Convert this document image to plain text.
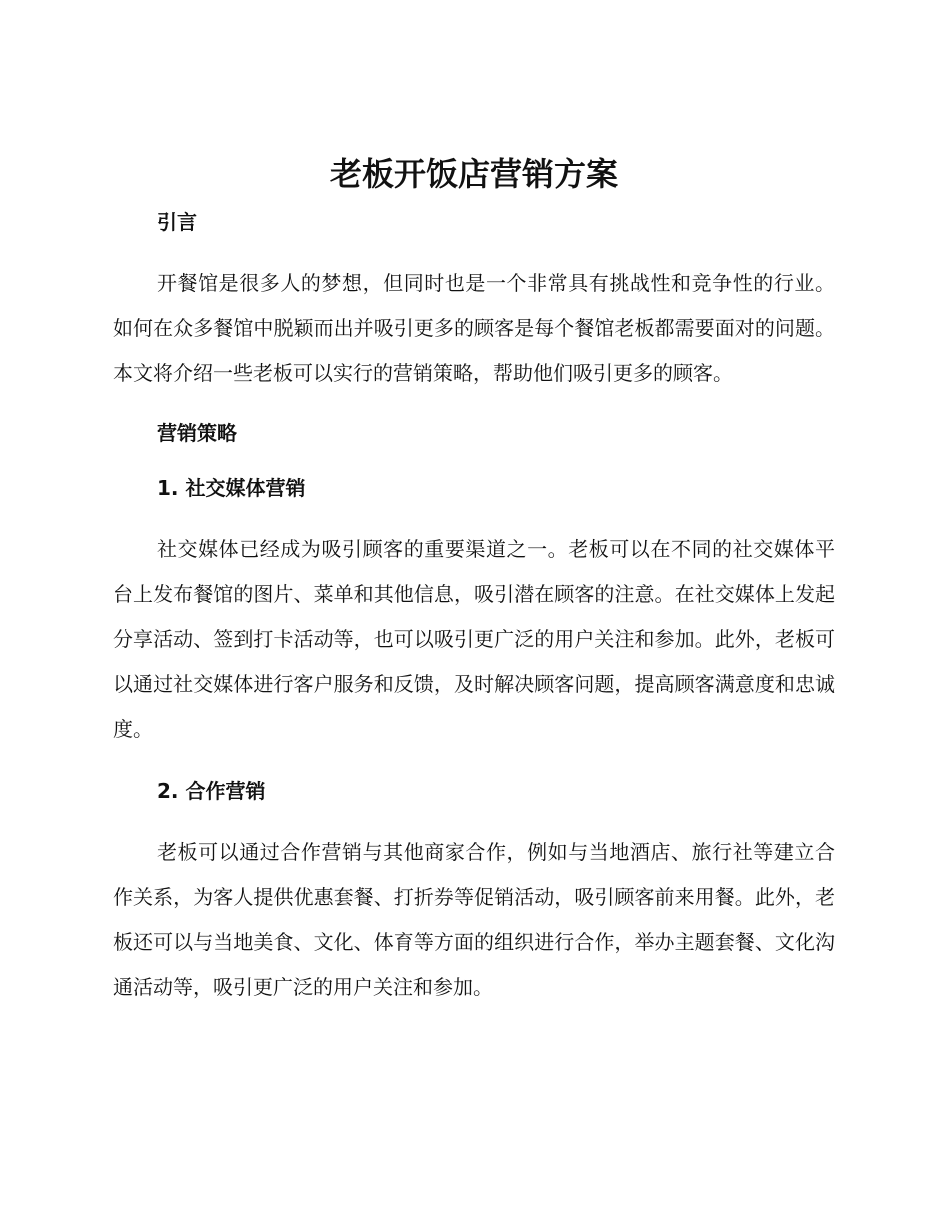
老板开饭店营销方案
引言

开餐馆是很多人的梦想，但同时也是一个非常具有挑战性和竞争性的行业。如何在众多餐馆中脱颖而出并吸引更多的顾客是每个餐馆老板都需要面对的问题。本文将介绍一些老板可以实行的营销策略，帮助他们吸引更多的顾客。

营销策略
1. 社交媒体营销

社交媒体已经成为吸引顾客的重要渠道之一。老板可以在不同的社交媒体平台上发布餐馆的图片、菜单和其他信息，吸引潜在顾客的注意。在社交媒体上发起分享活动、签到打卡活动等，也可以吸引更广泛的用户关注和参加。此外，老板可以通过社交媒体进行客户服务和反馈，及时解决顾客问题，提高顾客满意度和忠诚度。

2. 合作营销

老板可以通过合作营销与其他商家合作，例如与当地酒店、旅行社等建立合作关系，为客人提供优惠套餐、打折券等促销活动，吸引顾客前来用餐。此外，老板还可以与当地美食、文化、体育等方面的组织进行合作，举办主题套餐、文化沟通活动等，吸引更广泛的用户关注和参加。
